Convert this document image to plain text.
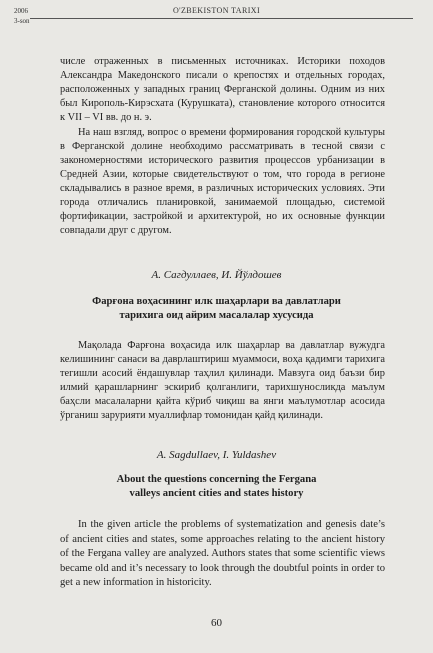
2006
3-son
O'ZBEKISTON TARIXI

числе отраженных в письменных источниках. Историки походов Александра Македонского писали о крепостях и отдельных городах, расположенных у западных границ Ферганской долины. Одним из них был Кирополь-Кирэсхата (Курушката), становление которого относится к VII – VI вв. до н. э.

На наш взгляд, вопрос о времени формирования городской культуры в Ферганской долине необходимо рассматривать в тесной связи с закономерностями исторического развития процессов урбанизации в Средней Азии, которые свидетельствуют о том, что города в регионе складывались в разное время, в различных исторических условиях. Эти города отличались планировкой, занимаемой площадью, системой фортификации, застройкой и архитектурой, но их основные функции совпадали друг с другом.

А. Сагдуллаев, И. Йўлдошев
Фарғона воҳасининг илк шаҳарлари ва давлатлари
тарихига оид айрим масалалар хусусида

Мақолада Фарғона воҳасида илк шаҳарлар ва давлатлар вужудга келишининг санаси ва даврлаштириш муаммоси, воҳа қадимги тарихига тегишли асосий ёндашувлар таҳлил қилинади. Мавзуга оид баъзи бир илмий қарашларнинг эскириб қолганлиги, тарихшуносликда маълум баҳсли масалаларни қайта кўриб чиқиш ва янги маълумотлар асосида ўрганиш зарурияти муаллифлар томонидан қайд қилинади.

A. Sagdullaev, I. Yuldashev
About the questions concerning the Fergana
valleys ancient cities and states history

In the given article the problems of systematization and genesis date’s of ancient cities and states, some approaches relating to the ancient history of the Fergana valley are analyzed. Authors states that some scientific views became old and it’s necessary to look through the doubtful points in order to get a new information in historicity.

60
